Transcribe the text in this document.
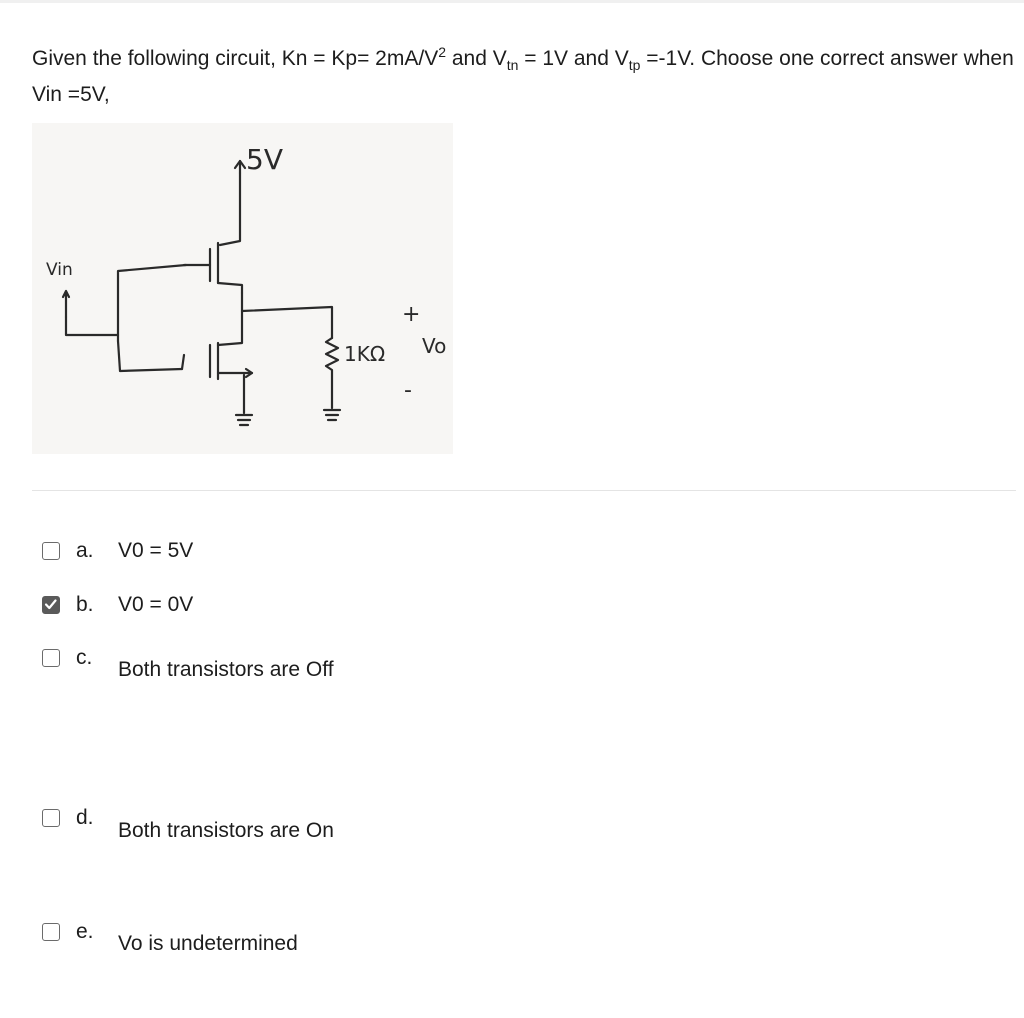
Given the following circuit, $Kn = Kp= 2mA/V^2$ and $V_{tn} = 1V$ and $V_{tp} =-1V$. Choose one correct answer when Vin =5V,
5V
Vin
1KΩ
+
-
Vo
a. V0 = 5V
b. V0 = 0V
c.
Both transistors are Off
d.
Both transistors are On
e.
Vo is undetermined
